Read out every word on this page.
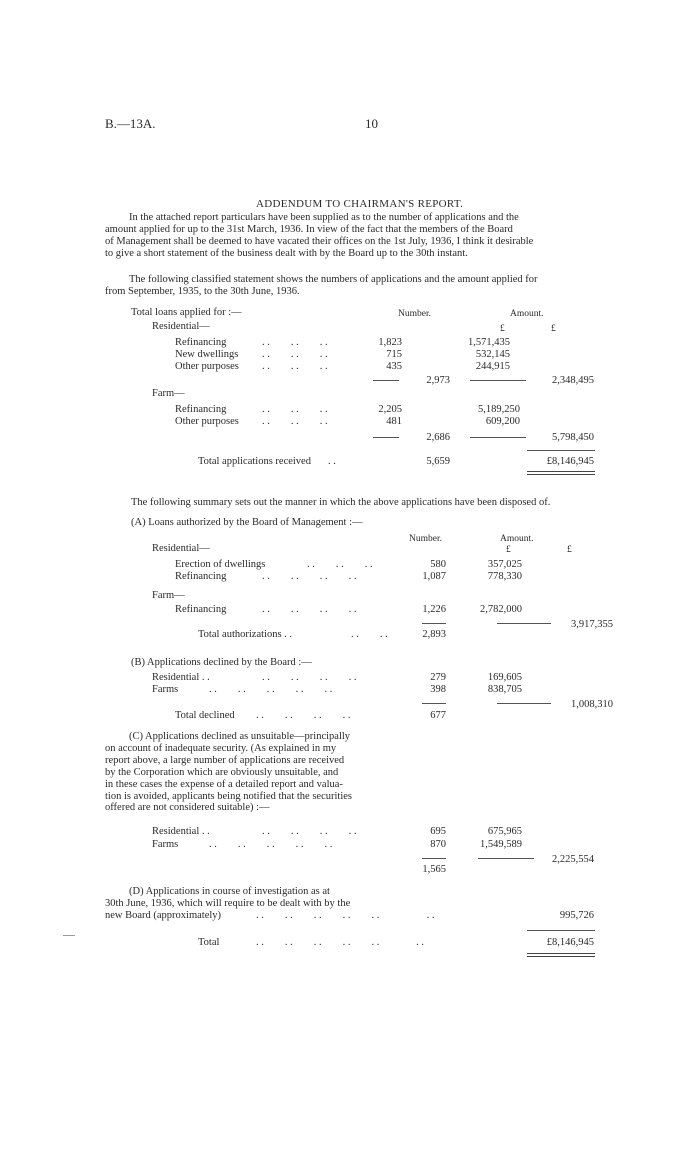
B.—13A.	10
ADDENDUM TO CHAIRMAN'S REPORT.
In the attached report particulars have been supplied as to the number of applications and the
amount applied for up to the 31st March, 1936. In view of the fact that the members of the Board
of Management shall be deemed to have vacated their offices on the 1st July, 1936, I think it desirable
to give a short statement of the business dealt with by the Board up to the 30th instant.
The following classified statement shows the numbers of applications and the amount applied for
from September, 1935, to the 30th June, 1936.
Total loans applied for :—	Number.	Amount.
Residential—	£	£
Refinancing	. .        . .        . .	1,823	1,571,435
New dwellings . .        . .        . .	715	532,145
Other purposes . .        . .        . .	435	244,915
2,973	2,348,495
Farm—
Refinancing	. .        . .        . .	2,205	5,189,250
Other purposes . .        . .        . .	481	609,200
2,686	5,798,450
Total applications received . .	5,659	£8,146,945
The following summary sets out the manner in which the above applications have been disposed of.
(A) Loans authorized by the Board of Management :—
Number.	Amount.
Residential—	£	£
Erection of dwellings	. .        . .        . .	580	357,025
Refinancing	. .        . .        . .        . .	1,087	778,330
Farm—
Refinancing	. .        . .        . .        . .	1,226	2,782,000
3,917,355
Total authorizations . .	. .        . .	2,893
(B) Applications declined by the Board :—
Residential . .	. .        . .        . .        . .	279	169,605
Farms	. .        . .        . .        . .        . .	398	838,705
1,008,310
Total declined . .        . .        . .        . .	677
(C) Applications declined as unsuitable—principally
on account of inadequate security. (As explained in my
report above, a large number of applications are received
by the Corporation which are obviously unsuitable, and
in these cases the expense of a detailed report and valua-
tion is avoided, applicants being notified that the securities
offered are not considered suitable) :—
Residential . .	. .        . .        . .        . .	695	675,965
Farms	. .        . .        . .        . .        . .	870	1,549,589
2,225,554
1,565
(D) Applications in course of investigation as at
30th June, 1936, which will require to be dealt with by the
new Board (approximately)	. .        . .        . .        . .        . .                  . .	995,726
Total	. .        . .        . .        . .        . .              . .	£8,146,945
